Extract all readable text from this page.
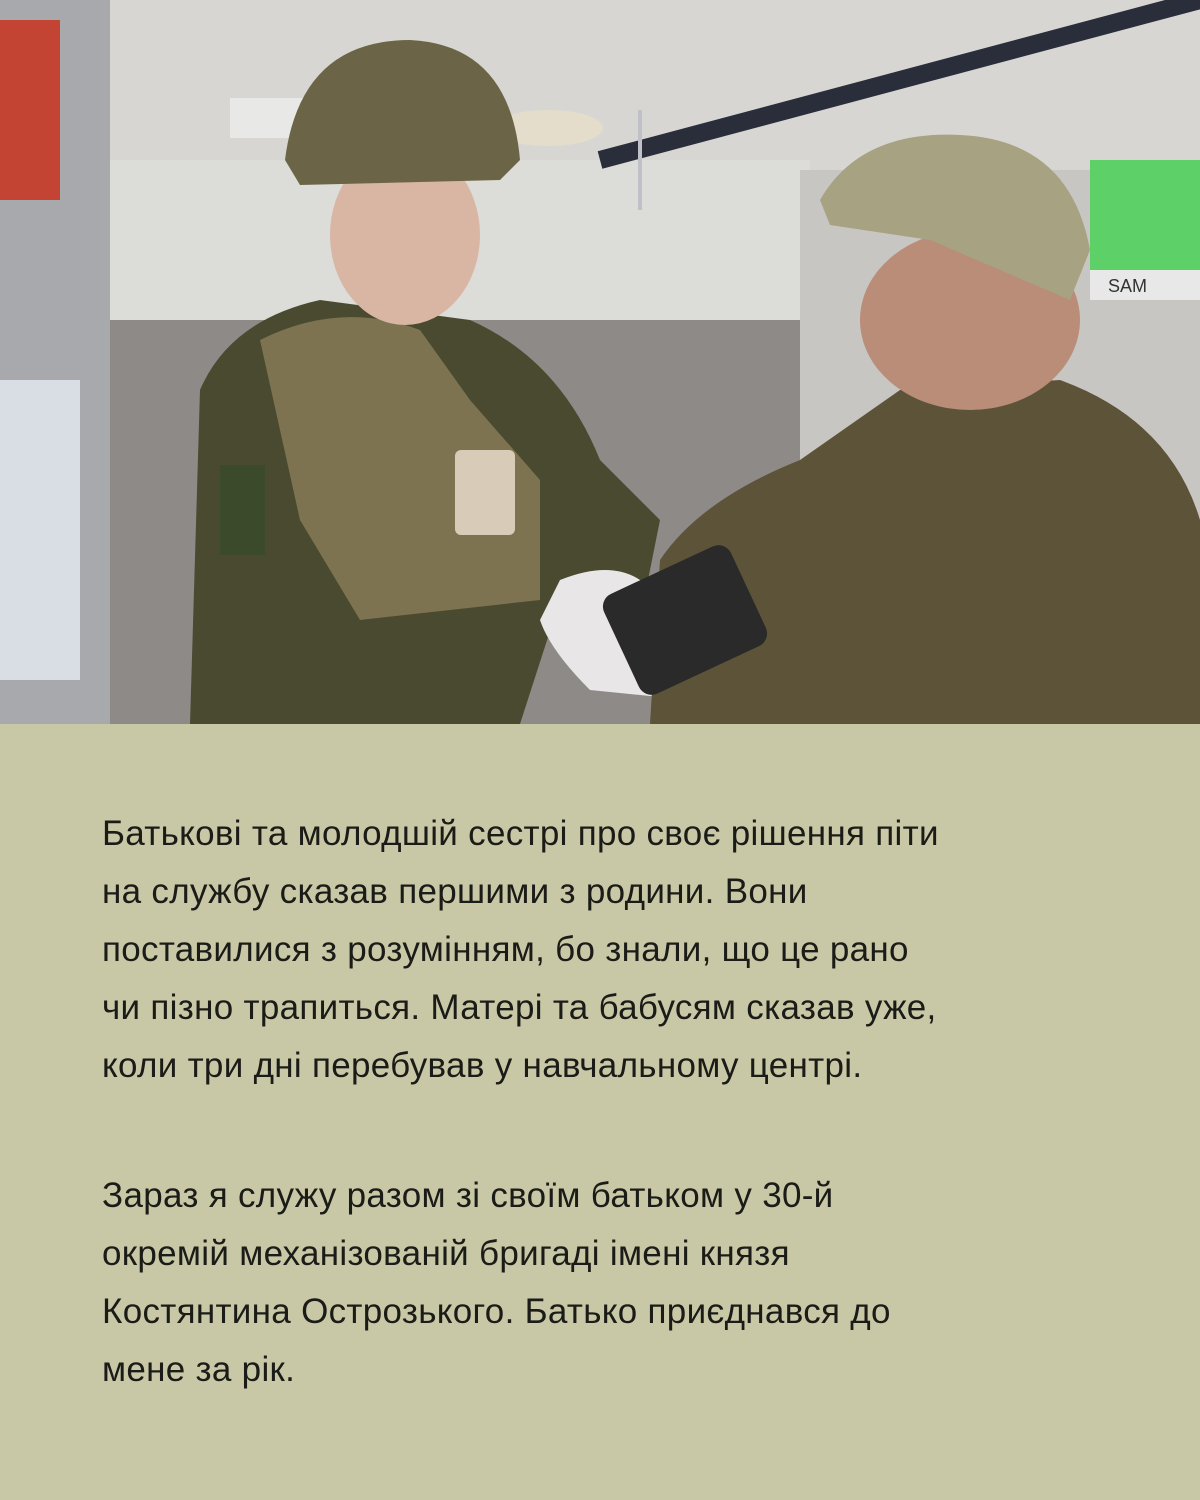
SAM

Батькові та молодшій сестрі про своє рішення піти
на службу сказав першими з родини. Вони
поставилися з розумінням, бо знали, що це рано
чи пізно трапиться. Матері та бабусям сказав уже,
коли три дні перебував у навчальному центрі.

Зараз я служу разом зі своїм батьком у 30-й
окремій механізованій бригаді імені князя
Костянтина Острозького. Батько приєднався до
мене за рік.
